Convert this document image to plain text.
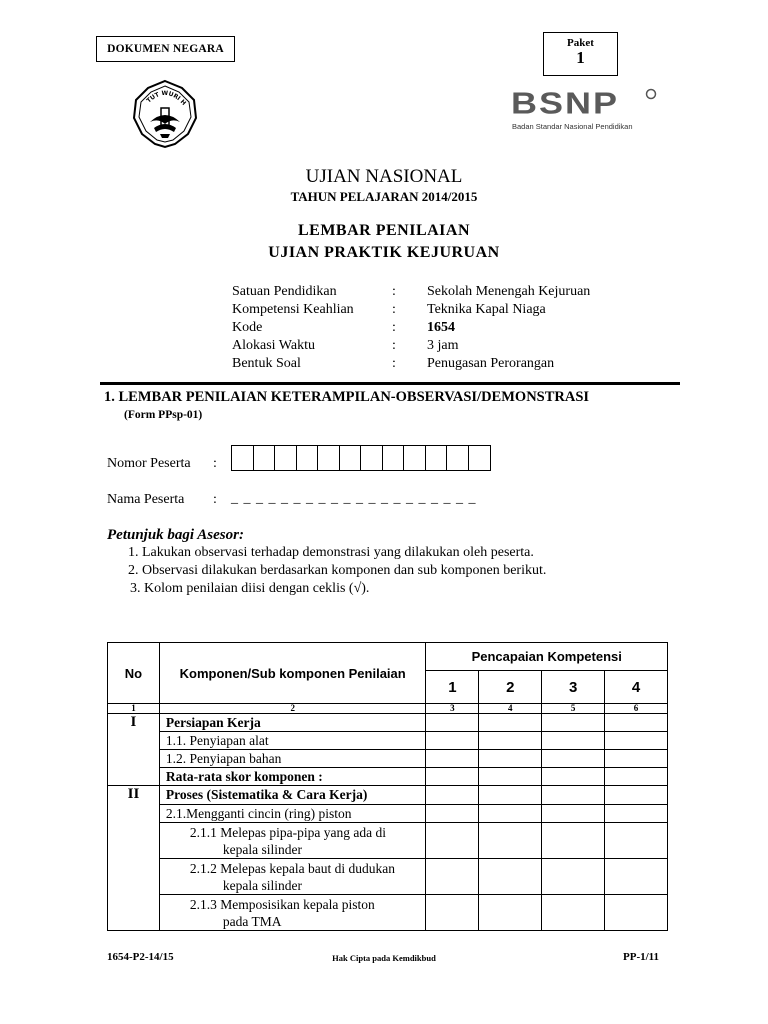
DOKUMEN NEGARA	Paket
1
TUT WURI H	BSNP
Badan Standar Nasional Pendidikan
UJIAN NASIONAL
TAHUN PELAJARAN 2014/2015
LEMBAR PENILAIAN
UJIAN PRAKTIK KEJURUAN
Satuan Pendidikan	: Sekolah Menengah Kejuruan
Kompetensi Keahlian	: Teknika Kapal Niaga
Kode	: 1654
Alokasi Waktu	: 3 jam
Bentuk Soal	: Penugasan Perorangan
1. LEMBAR PENILAIAN KETERAMPILAN-OBSERVASI/DEMONSTRASI
(Form PPsp-01)
Nomor Peserta :
Nama Peserta : _ _ _ _ _ _ _ _ _ _ _ _ _ _ _ _ _ _ _ _
Petunjuk bagi Asesor:
1. Lakukan observasi terhadap demonstrasi yang dilakukan oleh peserta.
2. Observasi dilakukan berdasarkan komponen dan sub komponen berikut.
3. Kolom penilaian diisi dengan ceklis (√).
No	Komponen/Sub komponen Penilaian	Pencapaian Kompetensi			
		1	2	3	4
1	2	3	4	5	6
I	Persiapan Kerja				
	1.1. Penyiapan alat				
	1.2. Penyiapan bahan				
	Rata-rata skor komponen :				
II	Proses (Sistematika & Cara Kerja)				
	2.1.Mengganti cincin (ring) piston				

	2.1.1 Melepas pipa-pipa yang ada di
kepala silinder				

	2.1.2 Melepas kepala baut di dudukan
kepala silinder				

	2.1.3 Memposisikan kepala piston
pada TMA				

1654-P2-14/15	Hak Cipta pada Kemdikbud	PP-1/11
